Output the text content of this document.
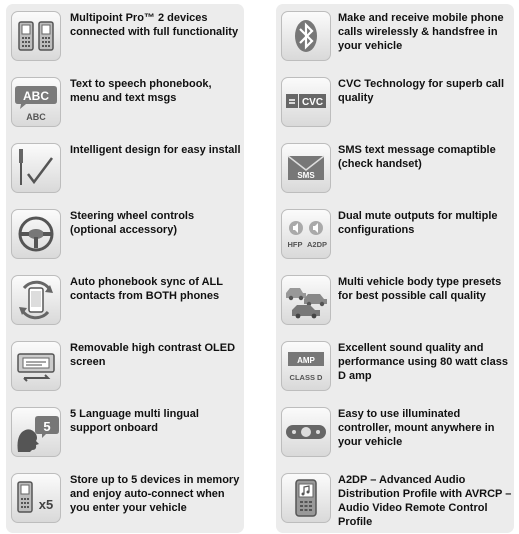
Multipoint Pro™ 2 devices connected with full functionality
ABC
ABC
Text to speech phonebook, menu and text msgs
Intelligent design for easy install
Steering wheel controls (optional accessory)
Auto phonebook sync of ALL contacts from BOTH phones
Removable high contrast OLED screen
5
5 Language multi lingual support onboard
x5
Store up to 5 devices in memory and enjoy auto-connect when you enter your vehicle
Make and receive mobile phone calls wirelessly & handsfree in your vehicle
CVC
CVC Technology for superb call quality
SMS
SMS text message comaptible (check handset)
HFP A2DP
Dual mute outputs for multiple configurations
Multi vehicle body type presets for best possible call quality
AMP
CLASS D
Excellent sound quality and performance using 80 watt class D amp
Easy to use illuminated controller, mount anywhere in your vehicle
A2DP – Advanced Audio Distribution Profile with AVRCP – Audio Video Remote Control Profile
